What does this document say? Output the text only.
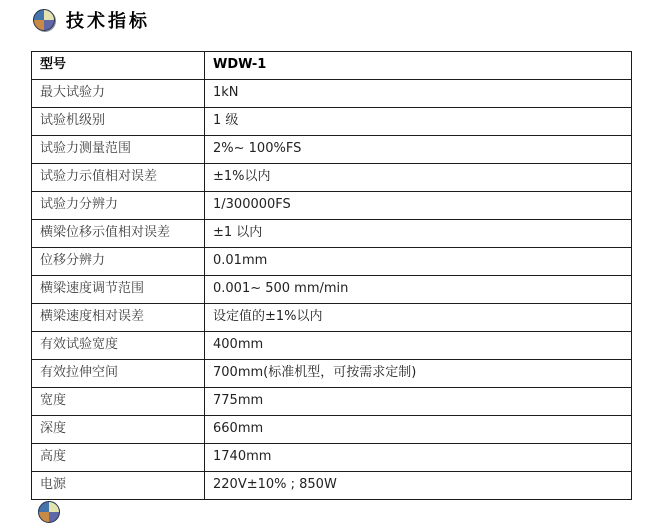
技术指标
型号	WDW-1
最大试验力	1kN
试验机级别	1 级
试验力测量范围	2%~ 100%FS
试验力示值相对误差	±1%以内
试验力分辨力	1/300000FS
横梁位移示值相对误差	±1 以内
位移分辨力	0.01mm
横梁速度调节范围	0.001~ 500 mm/min
横梁速度相对误差	设定值的±1%以内
有效试验宽度	400mm
有效拉伸空间	700mm(标准机型，可按需求定制)
宽度	775mm
深度	660mm
高度	1740mm
电源	220V±10% ; 850W
